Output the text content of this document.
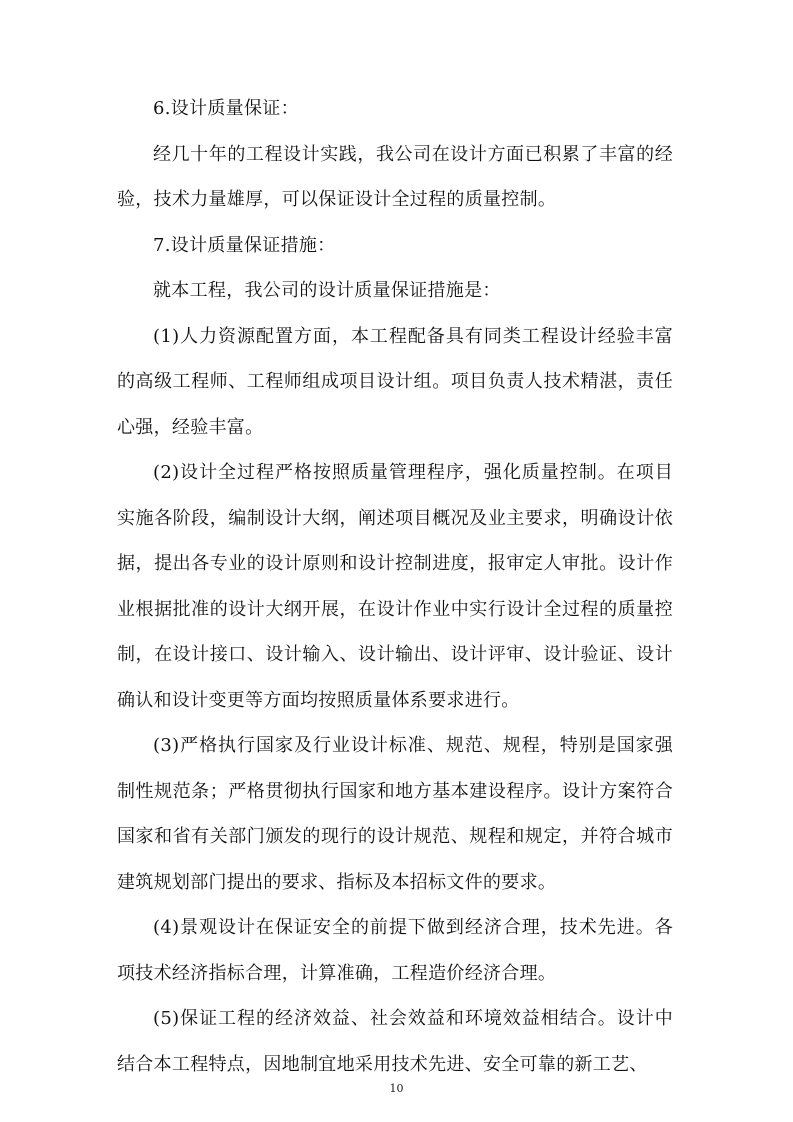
6.设计质量保证：

经几十年的工程设计实践，我公司在设计方面已积累了丰富的经验，技术力量雄厚，可以保证设计全过程的质量控制。

7.设计质量保证措施：

就本工程，我公司的设计质量保证措施是：

(1)人力资源配置方面，本工程配备具有同类工程设计经验丰富的高级工程师、工程师组成项目设计组。项目负责人技术精湛，责任心强，经验丰富。

(2)设计全过程严格按照质量管理程序，强化质量控制。在项目实施各阶段，编制设计大纲，阐述项目概况及业主要求，明确设计依据，提出各专业的设计原则和设计控制进度，报审定人审批。设计作业根据批准的设计大纲开展，在设计作业中实行设计全过程的质量控制，在设计接口、设计输入、设计输出、设计评审、设计验证、设计确认和设计变更等方面均按照质量体系要求进行。

(3)严格执行国家及行业设计标准、规范、规程，特别是国家强制性规范条；严格贯彻执行国家和地方基本建设程序。设计方案符合国家和省有关部门颁发的现行的设计规范、规程和规定，并符合城市建筑规划部门提出的要求、指标及本招标文件的要求。

(4)景观设计在保证安全的前提下做到经济合理，技术先进。各项技术经济指标合理，计算准确，工程造价经济合理。

(5)保证工程的经济效益、社会效益和环境效益相结合。设计中结合本工程特点，因地制宜地采用技术先进、安全可靠的新工艺、

10
